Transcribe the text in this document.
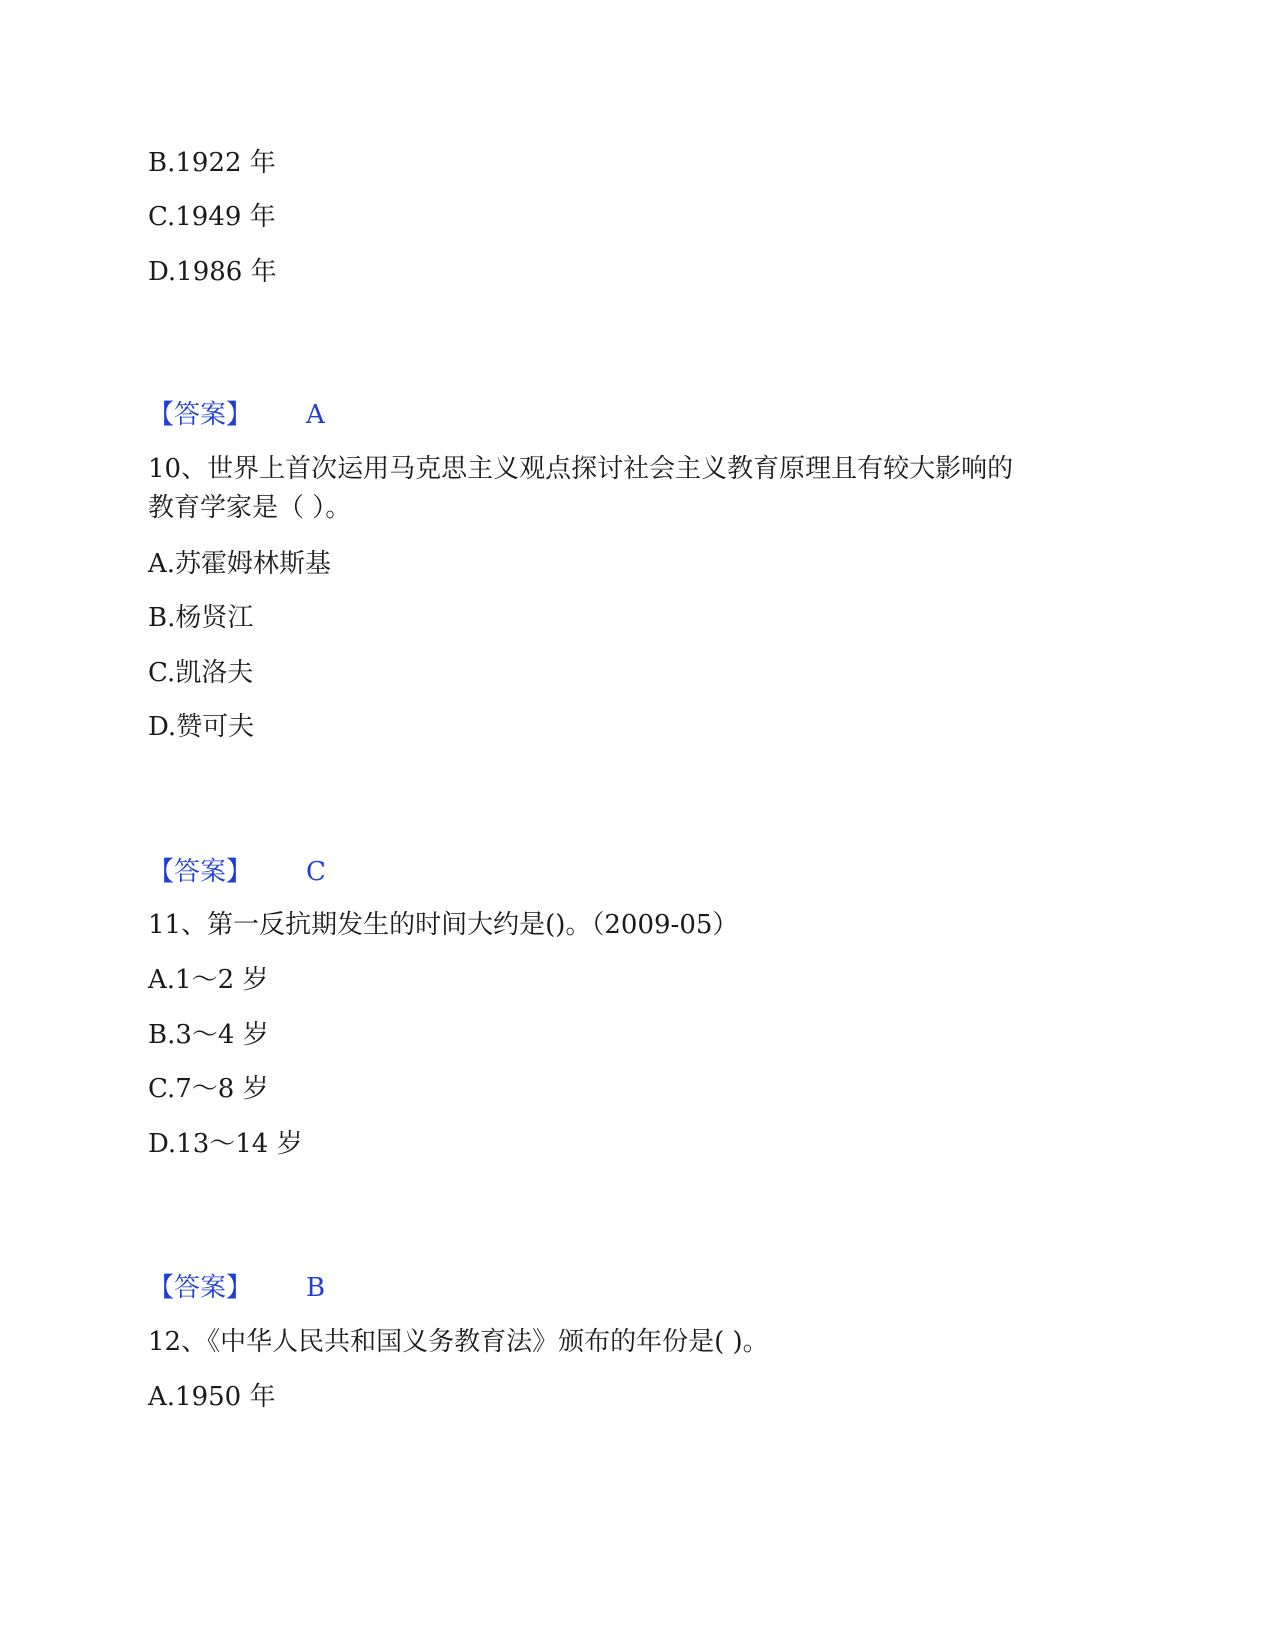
B.1922 年
C.1949 年
D.1986 年
【答案】 A
10、世界上首次运用马克思主义观点探讨社会主义教育原理且有较大影响的
教育学家是（ ）。
A.苏霍姆林斯基
B.杨贤江
C.凯洛夫
D.赞可夫
【答案】 C
11、第一反抗期发生的时间大约是()。（2009-05）
A.1～2 岁
B.3～4 岁
C.7～8 岁
D.13～14 岁
【答案】 B
12、《中华人民共和国义务教育法》颁布的年份是( )。
A.1950 年
